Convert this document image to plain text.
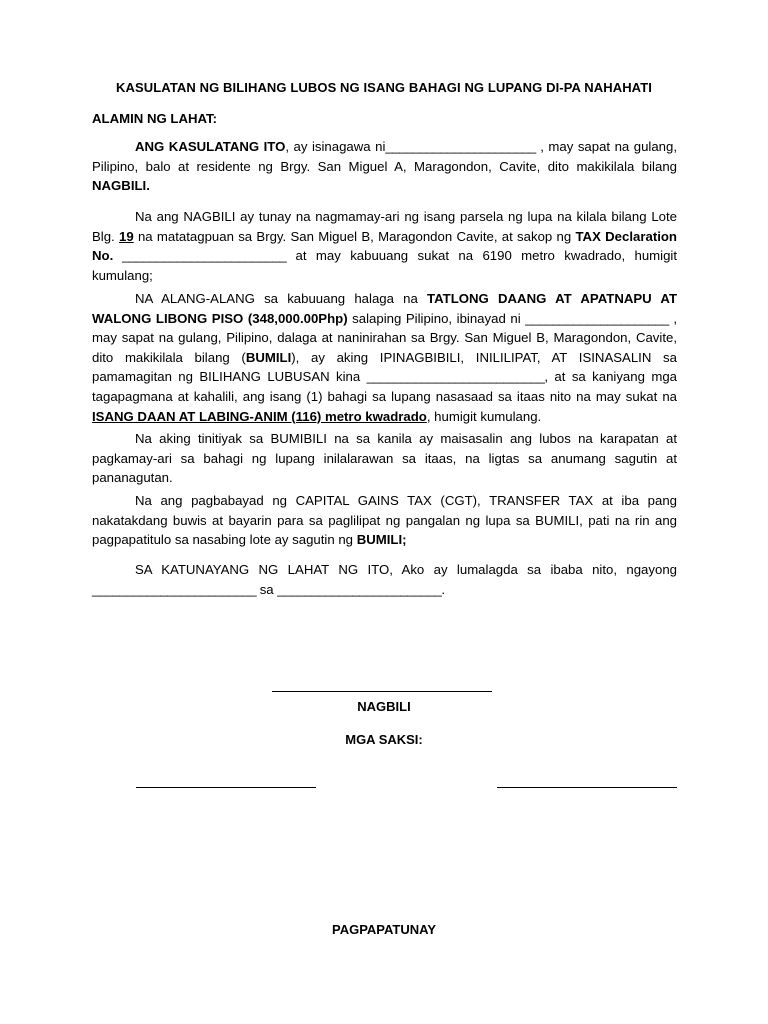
KASULATAN NG BILIHANG LUBOS NG ISANG BAHAGI NG LUPANG DI-PA NAHAHATI
ALAMIN NG LAHAT:

ANG KASULATANG ITO, ay isinagawa ni______________________ , may sapat na gulang, Pilipino, balo at residente ng Brgy. San Miguel A, Maragondon, Cavite, dito makikilala bilang NAGBILI.

Na ang NAGBILI ay tunay na nagmamay-ari ng isang parsela ng lupa na kilala bilang Lote Blg. 19 na matatagpuan sa Brgy. San Miguel B, Maragondon Cavite, at sakop ng TAX Declaration No. ________________________ at may kabuuang sukat na 6190 metro kwadrado, humigit kumulang;

NA ALANG-ALANG sa kabuuang halaga na TATLONG DAANG AT APATNAPU AT WALONG LIBONG PISO (348,000.00Php) salaping Pilipino, ibinayad ni _____________________ , may sapat na gulang, Pilipino, dalaga at naninirahan sa Brgy. San Miguel B, Maragondon, Cavite, dito makikilala bilang (BUMILI), ay aking IPINAGBIBILI, INILILIPAT, AT ISINASALIN sa pamamagitan ng BILIHANG LUBUSAN kina __________________________, at sa kaniyang mga tagapagmana at kahalili, ang isang (1) bahagi sa lupang nasasaad sa itaas nito na may sukat na ISANG DAAN AT LABING-ANIM (116) metro kwadrado, humigit kumulang.

Na aking tinitiyak sa BUMIBILI na sa kanila ay maisasalin ang lubos na karapatan at pagkamay-ari sa bahagi ng lupang inilalarawan sa itaas, na ligtas sa anumang sagutin at pananagutan.

Na ang pagbabayad ng CAPITAL GAINS TAX (CGT), TRANSFER TAX at iba pang nakatakdang buwis at bayarin para sa paglilipat ng pangalan ng lupa sa BUMILI, pati na rin ang pagpapatitulo sa nasabing lote ay sagutin ng BUMILI;

SA KATUNAYANG NG LAHAT NG ITO, Ako ay lumalagda sa ibaba nito, ngayong ________________________ sa ________________________.

NAGBILI
MGA SAKSI:
PAGPAPATUNAY
